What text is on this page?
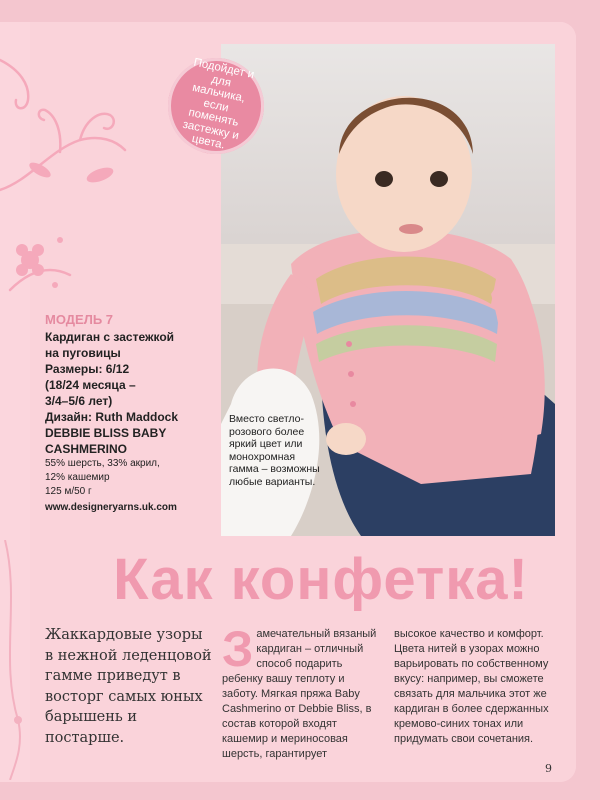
Подойдет и для мальчика, если поменять застежку и цвета.
Вместо светло-розового более яркий цвет или монохромная гамма – возможны любые варианты.
МОДЕЛЬ 7
Кардиган с застежкой
на пуговицы
Размеры: 6/12
(18/24 месяца –
3/4–5/6 лет)
Дизайн: Ruth Maddock
DEBBIE BLISS BABY
CASHMERINO
55% шерсть, 33% акрил,
12% кашемир
125 м/50 г
www.designeryarns.uk.com
Как конфетка!
Жаккардовые узоры в нежной леденцовой гамме приведут в восторг самых юных барышень и постарше.
Замечательный вязаный кардиган – отличный способ подарить ребенку вашу теплоту и заботу. Мягкая пряжа Baby Cashmerino от Debbie Bliss, в состав которой входят кашемир и мериносовая шерсть, гарантирует
высокое качество и комфорт. Цвета нитей в узорах можно варьировать по собственному вкусу: например, вы сможете связать для мальчика этот же кардиган в более сдержанных кремово-синих тонах или придумать свои сочетания.
9
